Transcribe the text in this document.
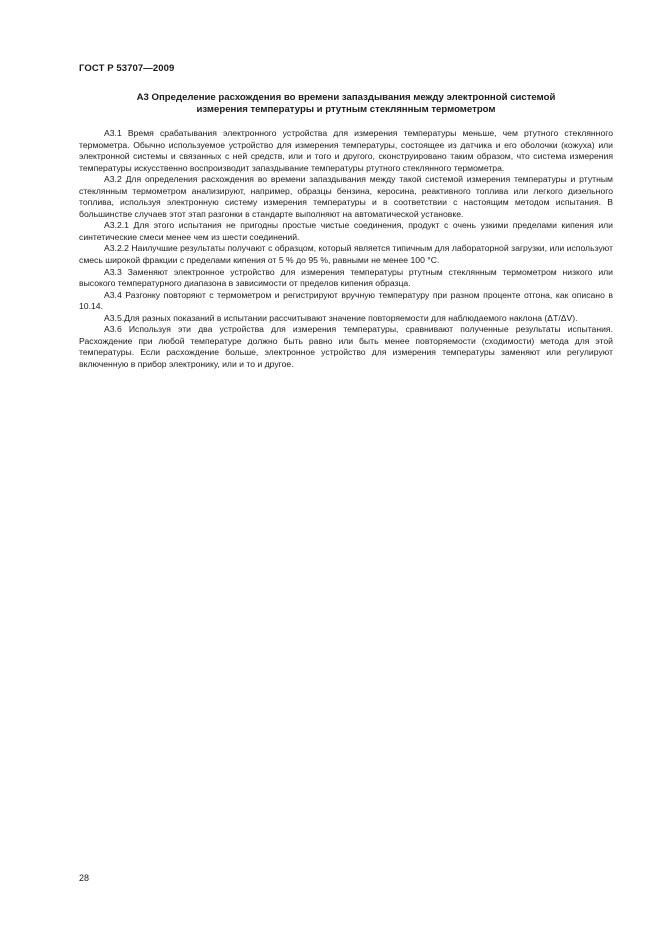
ГОСТ Р 53707—2009
А3 Определение расхождения во времени запаздывания между электронной системой
измерения температуры и ртутным стеклянным термометром

А3.1 Время срабатывания электронного устройства для измерения температуры меньше, чем ртутного стеклянного термометра. Обычно используемое устройство для измерения температуры, состоящее из датчика и его оболочки (кожуха) или электронной системы и связанных с ней средств, или и того и другого, сконструировано таким образом, что система измерения температуры искусственно воспроизводит запаздывание температуры ртутного стеклянного термометра.

А3.2 Для определения расхождения во времени запаздывания между такой системой измерения температуры и ртутным стеклянным термометром анализируют, например, образцы бензина, керосина, реактивного топлива или легкого дизельного топлива, используя электронную систему измерения температуры и в соответствии с настоящим методом испытания. В большинстве случаев этот этап разгонки в стандарте выполняют на автоматической установке.

А3.2.1 Для этого испытания не пригодны простые чистые соединения, продукт с очень узкими пределами кипения или синтетические смеси менее чем из шести соединений.

А3.2.2 Наилучшие результаты получают с образцом, который является типичным для лабораторной загрузки, или используют смесь широкой фракции с пределами кипения от 5 % до 95 %, равными не менее 100 °С.

А3.3 Заменяют электронное устройство для измерения температуры ртутным стеклянным термометром низкого или высокого температурного диапазона в зависимости от пределов кипения образца.

А3.4 Разгонку повторяют с термометром и регистрируют вручную температуру при разном проценте отгона, как описано в 10.14.

А3.5.Для разных показаний в испытании рассчитывают значение повторяемости для наблюдаемого наклона (ΔT/ΔV).

А3.6 Используя эти два устройства для измерения температуры, сравнивают полученные результаты испытания. Расхождение при любой температуре должно быть равно или быть менее повторяемости (сходимости) метода для этой температуры. Если расхождение больше, электронное устройство для измерения температуры заменяют или регулируют включенную в прибор электронику, или и то и другое.

28
